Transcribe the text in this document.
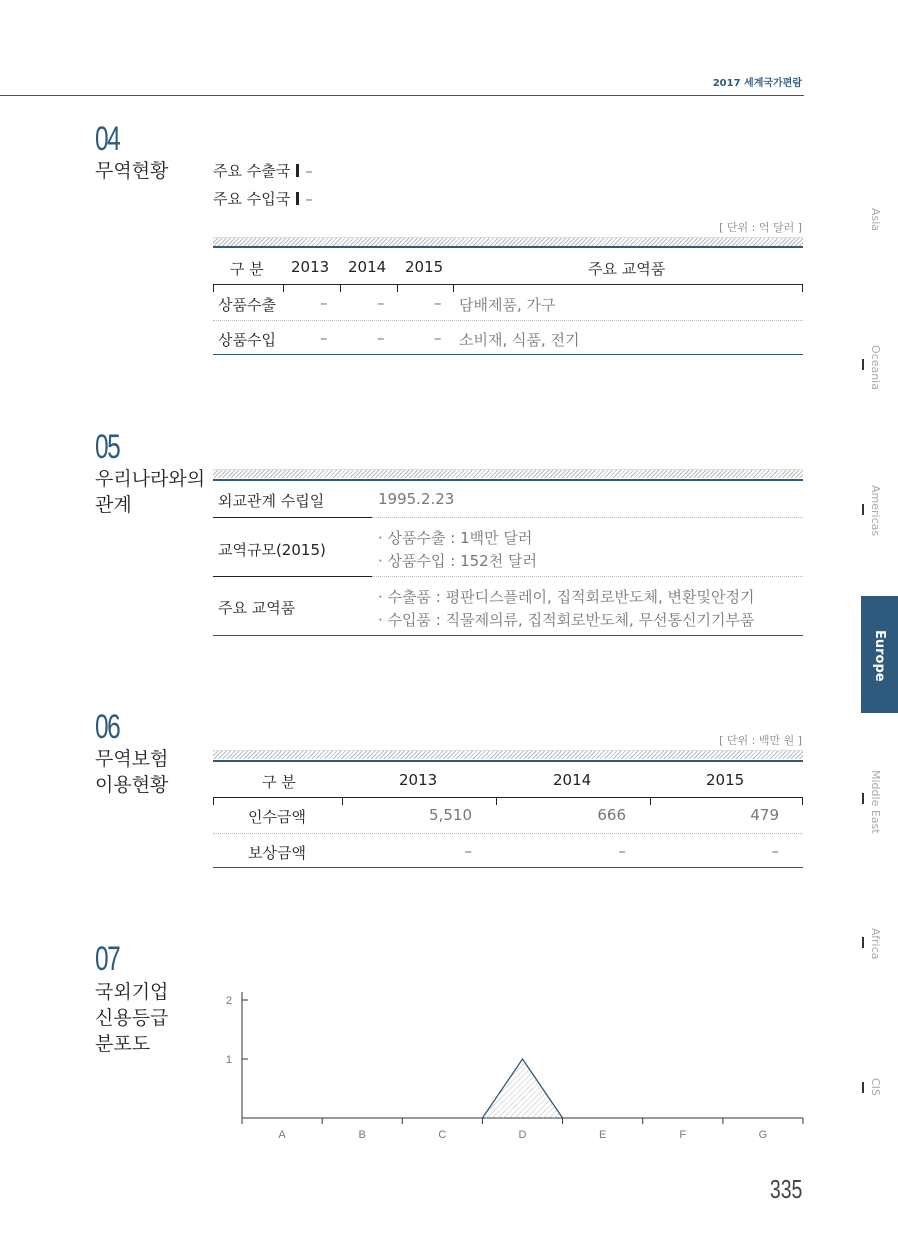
2017 세계국가편람
04
무역현황	주요 수출국 –
주요 수입국 –
[ 단위 : 억 달러 ]
구 분 2013 2014 2015	주요 교역품
상품수출	–	–	– 담배제품, 가구
상품수입	–	–	– 소비재, 식품, 전기
05
우리나라와의
관계	외교관계 수립일	1995.2.23
교역규모(2015)
· 상품수출 : 1백만 달러
· 상품수입 : 152천 달러
주요 교역품
· 수출품 : 평판디스플레이, 집적회로반도체, 변환및안정기
· 수입품 : 직물제의류, 집적회로반도체, 무선통신기기부품
06
무역보험
이용현황
[ 단위 : 백만 원 ]
구 분	2013	2014	2015
인수금액	5,510	666	479
보상금액	–	–	–
07
국외기업
신용등급
분포도
1
2
A	B	C	D	E	F	G
Asia
Oceania
Americas
Europe
Middle East
Africa
CIS
335
